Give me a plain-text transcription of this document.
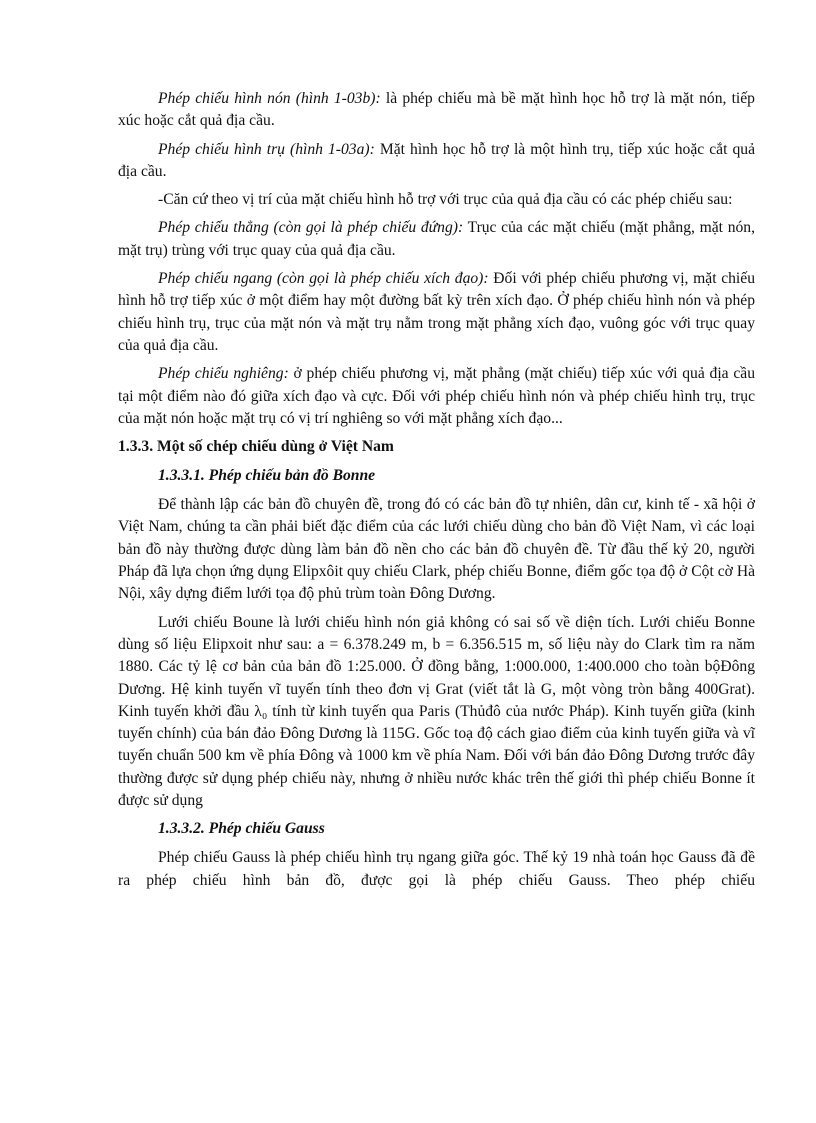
Phép chiếu hình nón (hình 1-03b): là phép chiếu mà bề mặt hình học hỗ trợ là mặt nón, tiếp xúc hoặc cắt quả địa cầu.

Phép chiếu hình trụ (hình 1-03a): Mặt hình học hỗ trợ là một hình trụ, tiếp xúc hoặc cắt quả địa cầu.

-Căn cứ theo vị trí của mặt chiếu hình hỗ trợ với trục của quả địa cầu có các phép chiếu sau:

Phép chiếu thẳng (còn gọi là phép chiếu đứng): Trục của các mặt chiếu (mặt phẳng, mặt nón, mặt trụ) trùng với trục quay của quả địa cầu.

Phép chiếu ngang (còn gọi là phép chiếu xích đạo): Đối với phép chiếu phương vị, mặt chiếu hình hỗ trợ tiếp xúc ở một điểm hay một đường bất kỳ trên xích đạo. Ở phép chiếu hình nón và phép chiếu hình trụ, trục của mặt nón và mặt trụ nằm trong mặt phẳng xích đạo, vuông góc với trục quay của quả địa cầu.

Phép chiếu nghiêng: ở phép chiếu phương vị, mặt phẳng (mặt chiếu) tiếp xúc với quả địa cầu tại một điểm nào đó giữa xích đạo và cực. Đối với phép chiếu hình nón và phép chiếu hình trụ, trục của mặt nón hoặc mặt trụ có vị trí nghiêng so với mặt phẳng xích đạo...

1.3.3. Một số chép chiếu dùng ở Việt Nam
1.3.3.1. Phép chiếu bản đồ Bonne

Để thành lập các bản đồ chuyên đề, trong đó có các bản đồ tự nhiên, dân cư, kinh tế - xã hội ở Việt Nam, chúng ta cần phải biết đặc điểm của các lưới chiếu dùng cho bản đồ Việt Nam, vì các loại bản đồ này thường được dùng làm bản đồ nền cho các bản đồ chuyên đề. Từ đầu thế kỷ 20, người Pháp đã lựa chọn ứng dụng Elipxôit quy chiếu Clark, phép chiếu Bonne, điểm gốc tọa độ ở Cột cờ Hà Nội, xây dựng điểm lưới tọa độ phủ trùm toàn Đông Dương.

Lưới chiếu Boune là lưới chiếu hình nón giả không có sai số về diện tích. Lưới chiếu Bonne dùng số liệu Elipxoit như sau: a = 6.378.249 m, b = 6.356.515 m, số liệu này do Clark tìm ra năm 1880. Các tỷ lệ cơ bản của bản đồ 1:25.000. Ở đồng bằng, 1:000.000, 1:400.000 cho toàn bộĐông Dương. Hệ kinh tuyến vĩ tuyến tính theo đơn vị Grat (viết tắt là G, một vòng tròn bằng 400Grat). Kinh tuyến khởi đầu λ₀ tính từ kinh tuyến qua Paris (Thủđô của nước Pháp). Kinh tuyến giữa (kinh tuyến chính) của bán đảo Đông Dương là 115G. Gốc toạ độ cách giao điểm của kinh tuyến giữa và vĩ tuyến chuẩn 500 km về phía Đông và 1000 km về phía Nam. Đối với bán đảo Đông Dương trước đây thường được sử dụng phép chiếu này, nhưng ở nhiều nước khác trên thế giới thì phép chiếu Bonne ít được sử dụng

1.3.3.2. Phép chiếu Gauss

Phép chiếu Gauss là phép chiếu hình trụ ngang giữa góc. Thế kỷ 19 nhà toán học Gauss đã đề ra phép chiếu hình bản đồ, được gọi là phép chiếu Gauss. Theo phép chiếu
